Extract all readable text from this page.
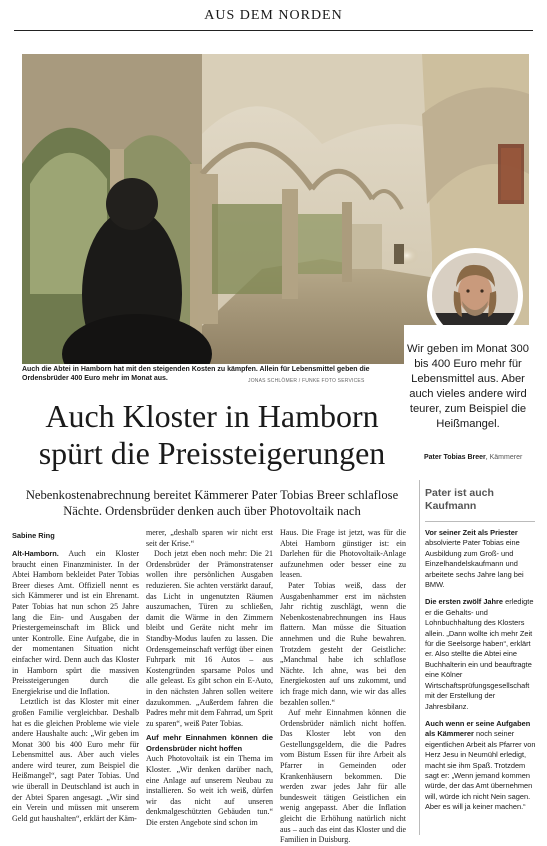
AUS DEM NORDEN
Auch die Abtei in Hamborn hat mit den steigenden Kosten zu kämpfen. Allein für Lebensmittel geben die Ordensbrüder 400 Euro mehr im Monat aus.	JONAS SCHLÖMER / FUNKE FOTO SERVICES
Wir geben im Monat 300 bis 400 Euro mehr für Lebensmittel aus. Aber auch vieles andere wird teurer, zum Beispiel die Heißmangel.
Pater Tobias Breer, Kämmerer
Auch Kloster in Hamborn spürt die Preissteigerungen
Nebenkostenabrechnung bereitet Kämmerer Pater Tobias Breer schlaflose Nächte. Ordensbrüder denken auch über Photovoltaik nach
Sabine Ring

Alt-Hamborn. Auch ein Kloster braucht einen Finanzminister. In der Abtei Hamborn bekleidet Pater Tobias Breer dieses Amt. Offiziell nennt es sich Kämmerer und ist ein Ehrenamt. Pater Tobias hat nun schon 25 Jahre lang die Ein- und Ausgaben der Priestergemeinschaft im Blick und unter Kontrolle. Eine Aufgabe, die in der momentanen Situation nicht einfacher wird. Denn auch das Kloster in Hamborn spürt die massiven Preissteigerungen durch die Energiekrise und die Inflation.

Letztlich ist das Kloster mit einer großen Familie vergleichbar. Deshalb hat es die gleichen Probleme wie viele andere Haushalte auch: „Wir geben im Monat 300 bis 400 Euro mehr für Lebensmittel aus. Aber auch vieles andere wird teurer, zum Beispiel die Heißmangel“, sagt Pater Tobias. Und wie überall in Deutschland ist auch in der Abtei Sparen angesagt. „Wir sind ein Verein und müssen mit unserem Geld gut haushalten“, erklärt der Käm-

merer, „deshalb sparen wir nicht erst seit der Krise.“

Doch jetzt eben noch mehr: Die 21 Ordensbrüder der Prämonstratenser wollen ihre persönlichen Ausgaben reduzieren. Sie achten verstärkt darauf, das Licht in ungenutzten Räumen auszumachen, Türen zu schließen, damit die Wärme in den Zimmern bleibt und Geräte nicht mehr im Standby-Modus laufen zu lassen. Die Ordensgemeinschaft verfügt über einen Fuhrpark mit 16 Autos – aus Kostengründen sparsame Polos und alle geleast. Es gibt schon ein E-Auto, in den nächsten Jahren sollen weitere dazukommen. „Außerdem fahren die Padres mehr mit dem Fahrrad, um Sprit zu sparen“, weiß Pater Tobias.

Auf mehr Einnahmen können die Ordensbrüder nicht hoffen

Auch Photovoltaik ist ein Thema im Kloster. „Wir denken darüber nach, eine Anlage auf unserem Neubau zu installieren. So weit ich weiß, dürfen wir das nicht auf unseren denkmalgeschützten Gebäuden tun.“ Die ersten Angebote sind schon im

Haus. Die Frage ist jetzt, was für die Abtei Hamborn günstiger ist: ein Darlehen für die Photovoltaik-Anlage aufzunehmen oder besser eine zu leasen.

Pater Tobias weiß, dass der Ausgabenhammer erst im nächsten Jahr richtig zuschlägt, wenn die Nebenkostenabrechnungen ins Haus flattern. Man müsse die Situation annehmen und die Ruhe bewahren. Trotzdem gesteht der Geistliche: „Manchmal habe ich schlaflose Nächte. Ich ahne, was bei den Energiekosten auf uns zukommt, und ich frage mich dann, wie wir das alles bezahlen sollen.“

Auf mehr Einnahmen können die Ordensbrüder nämlich nicht hoffen. Das Kloster lebt von den Gestellungsgeldern, die die Padres vom Bistum Essen für ihre Arbeit als Pfarrer in Gemeinden oder Krankenhäusern bekommen. Die werden zwar jedes Jahr für alle bundesweit tätigen Geistlichen ein wenig angepasst. Aber die Inflation gleicht die Erhöhung natürlich nicht aus – auch das eint das Kloster und die Familien in Duisburg.

Pater ist auch Kaufmann

Vor seiner Zeit als Priester absolvierte Pater Tobias eine Ausbildung zum Groß- und Einzelhandelskaufmann und arbeitete sechs Jahre lang bei BMW.

Die ersten zwölf Jahre erledigte er die Gehalts- und Lohnbuchhaltung des Klosters allein. „Dann wollte ich mehr Zeit für die Seelsorge haben“, erklärt er. Also stellte die Abtei eine Buchhalterin ein und beauftragte eine Kölner Wirtschaftsprüfungsgesellschaft mit der Erstellung der Jahresbilanz.

Auch wenn er seine Aufgaben als Kämmerer noch seiner eigentlichen Arbeit als Pfarrer von Herz Jesu in Neumühl erledigt, macht sie ihm Spaß. Trotzdem sagt er: „Wenn jemand kommen würde, der das Amt übernehmen will, würde ich nicht Nein sagen. Aber es will ja keiner machen.“
